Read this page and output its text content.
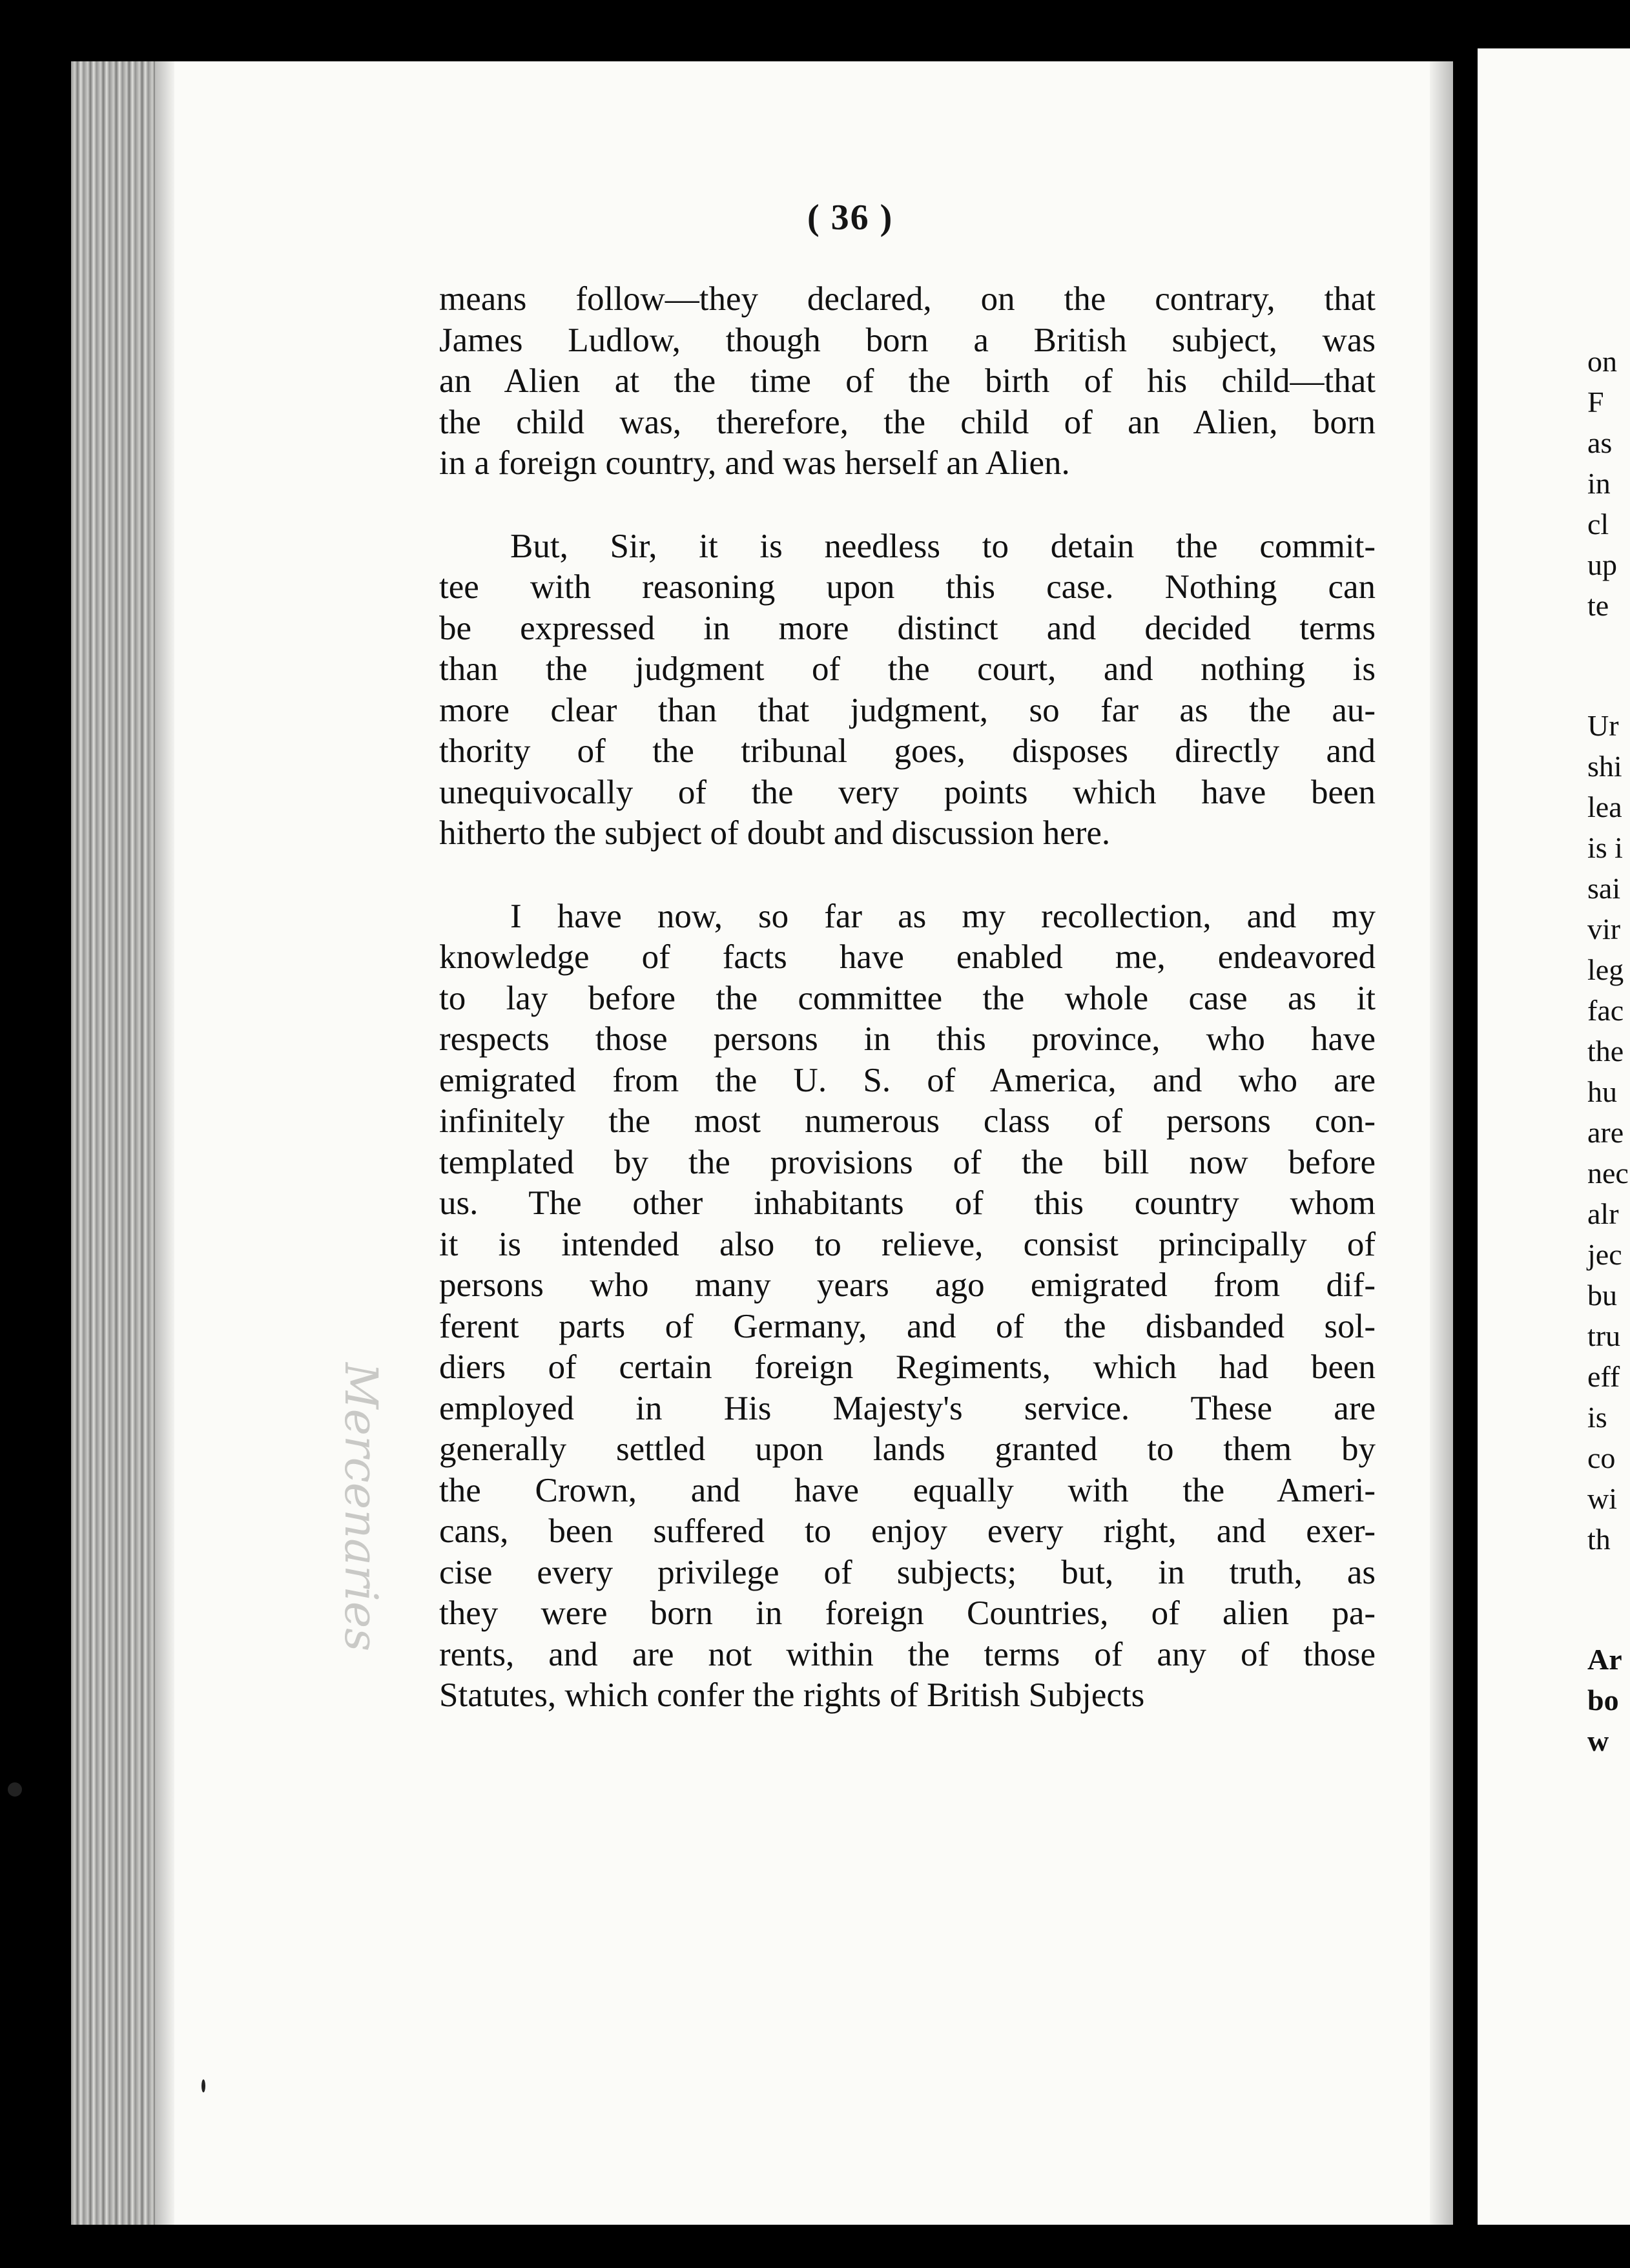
( 36 )

means follow—they declared, on the contrary, that

James Ludlow, though born a British subject, was

an Alien at the time of the birth of his child—that

the child was, therefore, the child of an Alien, born

in a foreign country, and was herself an Alien.

But, Sir, it is needless to detain the commit-

tee with reasoning upon this case. Nothing can

be expressed in more distinct and decided terms

than the judgment of the court, and nothing is

more clear than that judgment, so far as the au-

thority of the tribunal goes, disposes directly and

unequivocally of the very points which have been

hitherto the subject of doubt and discussion here.

I have now, so far as my recollection, and my

knowledge of facts have enabled me, endeavored

to lay before the committee the whole case as it

respects those persons in this province, who have

emigrated from the U. S. of America, and who are

infinitely the most numerous class of persons con-

templated by the provisions of the bill now before

us. The other inhabitants of this country whom

it is intended also to relieve, consist principally of

persons who many years ago emigrated from dif-

ferent parts of Germany, and of the disbanded sol-

diers of certain foreign Regiments, which had been

employed in His Majesty's service. These are

generally settled upon lands granted to them by

the Crown, and have equally with the Ameri-

cans, been suffered to enjoy every right, and exer-

cise every privilege of subjects; but, in truth, as

they were born in foreign Countries, of alien pa-

rents, and are not within the terms of any of those

Statutes, which confer the rights of British Subjects

on
F
as
in
cl
up
te
Ur
shi
lea
is i
sai
vir
leg
fac
the
hu
are
nec
alr
jec
bu
tru
eff
is
co
wi
th
Ar
bo
w
